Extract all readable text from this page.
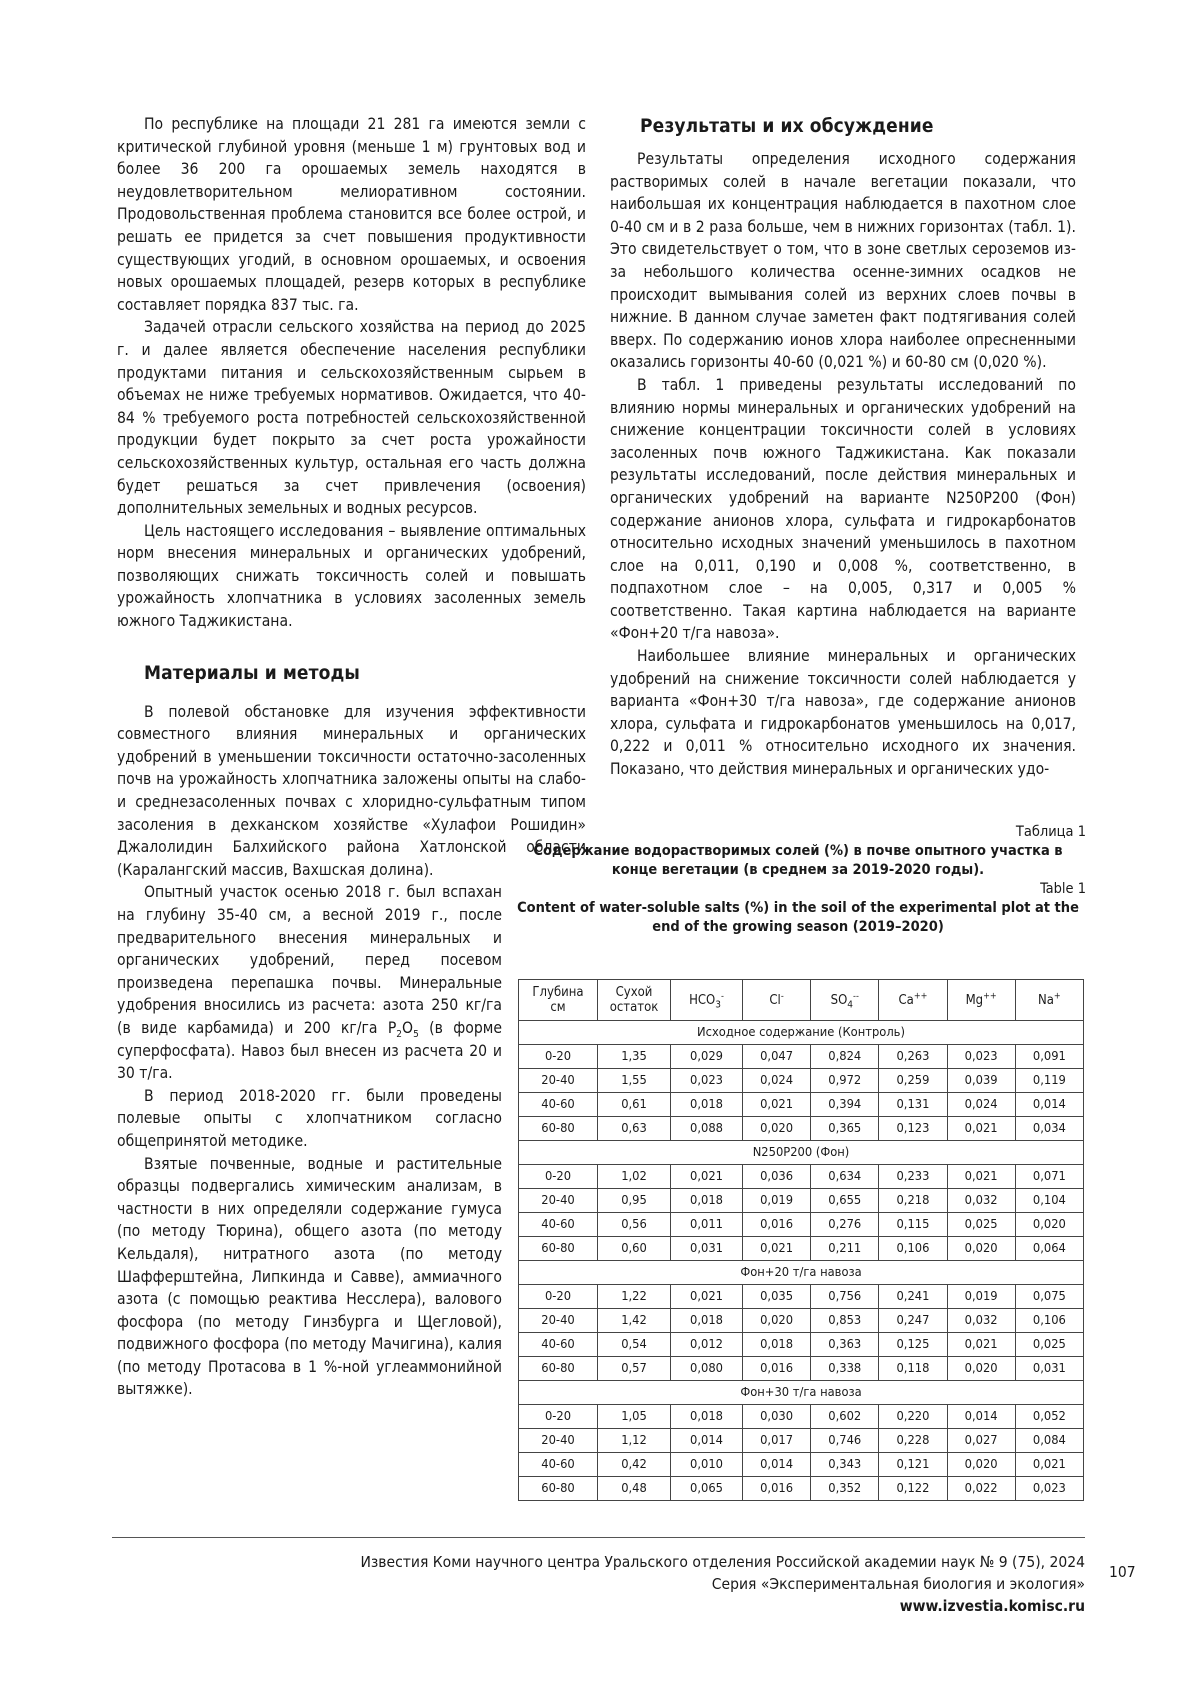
По республике на площади 21 281 га имеются земли с критической глубиной уровня (меньше 1 м) грунтовых вод и более 36 200 га орошаемых земель находятся в неудовлетворительном мелиоративном состоянии. Продовольственная проблема становится все более острой, и решать ее придется за счет повышения продуктивности существующих угодий, в основном орошаемых, и освоения новых орошаемых площадей, резерв которых в республике составляет порядка 837 тыс. га.

Задачей отрасли сельского хозяйства на период до 2025 г. и далее является обеспечение населения республики продуктами питания и сельскохозяйственным сырьем в объемах не ниже требуемых нормативов. Ожидается, что 40-84 % требуемого роста потребностей сельскохозяйственной продукции будет покрыто за счет роста урожайности сельскохозяйственных культур, остальная его часть должна будет решаться за счет привлечения (освоения) дополнительных земельных и водных ресурсов.

Цель настоящего исследования – выявление оптимальных норм внесения минеральных и органических удобрений, позволяющих снижать токсичность солей и повышать урожайность хлопчатника в условиях засоленных земель южного Таджикистана.

Материалы и методы

В полевой обстановке для изучения эффективности совместного влияния минеральных и органических удобрений в уменьшении токсичности остаточно-засоленных почв на урожайность хлопчатника заложены опыты на слабо- и среднезасоленных почвах с хлоридно-сульфатным типом засоления в дехканском хозяйстве «Хулафои Рошидин» Джалолидин Балхийского района Хатлонской области (Каралангский массив, Вахшская долина).

Опытный участок осенью 2018 г. был вспахан на глубину 35-40 см, а весной 2019 г., после предварительного внесения минеральных и органических удобрений, перед посевом произведена перепашка почвы. Минеральные удобрения вносились из расчета: азота 250 кг/га (в виде карбамида) и 200 кг/га $P_2O_5$ (в форме суперфосфата). Навоз был внесен из расчета 20 и 30 т/га.

В период 2018-2020 гг. были проведены полевые опыты с хлопчатником согласно общепринятой методике.

Взятые почвенные, водные и растительные образцы подвергались химическим анализам, в частности в них определяли содержание гумуса (по методу Тюрина), общего азота (по методу Кельдаля), нитратного азота (по методу Шафферштейна, Липкинда и Савве), аммиачного азота (с помощью реактива Несслера), валового фосфора (по методу Гинзбурга и Щегловой), подвижного фосфора (по методу Мачигина), калия (по методу Протасова в 1 %-ной углеаммонийной вытяжке).

Результаты и их обсуждение

Результаты определения исходного содержания растворимых солей в начале вегетации показали, что наибольшая их концентрация наблюдается в пахотном слое 0-40 см и в 2 раза больше, чем в нижних горизонтах (табл. 1). Это свидетельствует о том, что в зоне светлых сероземов из-за небольшого количества осенне-зимних осадков не происходит вымывания солей из верхних слоев почвы в нижние. В данном случае заметен факт подтягивания солей вверх. По содержанию ионов хлора наиболее опресненными оказались горизонты 40-60 (0,021 %) и 60-80 см (0,020 %).

В табл. 1 приведены результаты исследований по влиянию нормы минеральных и органических удобрений на снижение концентрации токсичности солей в условиях засоленных почв южного Таджикистана. Как показали результаты исследований, после действия минеральных и органических удобрений на варианте N250P200 (Фон) содержание анионов хлора, сульфата и гидрокарбонатов относительно исходных значений уменьшилось в пахотном слое на 0,011, 0,190 и 0,008 %, соответственно, в подпахотном слое – на 0,005, 0,317 и 0,005 % соответственно. Такая картина наблюдается на варианте «Фон+20 т/га навоза».

Наибольшее влияние минеральных и органических удобрений на снижение токсичности солей наблюдается у варианта «Фон+30 т/га навоза», где содержание анионов хлора, сульфата и гидрокарбонатов уменьшилось на 0,017, 0,222 и 0,011 % относительно исходного их значения. Показано, что действия минеральных и органических удо-

Таблица 1
Содержание водорастворимых солей (%) в почве опытного участка в конце вегетации (в среднем за 2019-2020 годы).
Table 1
Content of water-soluble salts (%) in the soil of the experimental plot at the end of the growing season (2019–2020)
Глубина см	Сухой остаток	$HCO_3^-$	Cl-	$SO_4^{--}$	Ca++	Mg++	Na+
Исходное содержание (Контроль)							
0-20	1,35	0,029	0,047	0,824	0,263	0,023	0,091
20-40	1,55	0,023	0,024	0,972	0,259	0,039	0,119
40-60	0,61	0,018	0,021	0,394	0,131	0,024	0,014
60-80	0,63	0,088	0,020	0,365	0,123	0,021	0,034
N250P200 (Фон)							
0-20	1,02	0,021	0,036	0,634	0,233	0,021	0,071
20-40	0,95	0,018	0,019	0,655	0,218	0,032	0,104
40-60	0,56	0,011	0,016	0,276	0,115	0,025	0,020
60-80	0,60	0,031	0,021	0,211	0,106	0,020	0,064
Фон+20 т/га навоза							
0-20	1,22	0,021	0,035	0,756	0,241	0,019	0,075
20-40	1,42	0,018	0,020	0,853	0,247	0,032	0,106
40-60	0,54	0,012	0,018	0,363	0,125	0,021	0,025
60-80	0,57	0,080	0,016	0,338	0,118	0,020	0,031
Фон+30 т/га навоза							
0-20	1,05	0,018	0,030	0,602	0,220	0,014	0,052
20-40	1,12	0,014	0,017	0,746	0,228	0,027	0,084
40-60	0,42	0,010	0,014	0,343	0,121	0,020	0,021
60-80	0,48	0,065	0,016	0,352	0,122	0,022	0,023
Известия Коми научного центра Уральского отделения Российской академии наук № 9 (75), 2024
Серия «Экспериментальная биология и экология»
www.izvestia.komisc.ru
107
